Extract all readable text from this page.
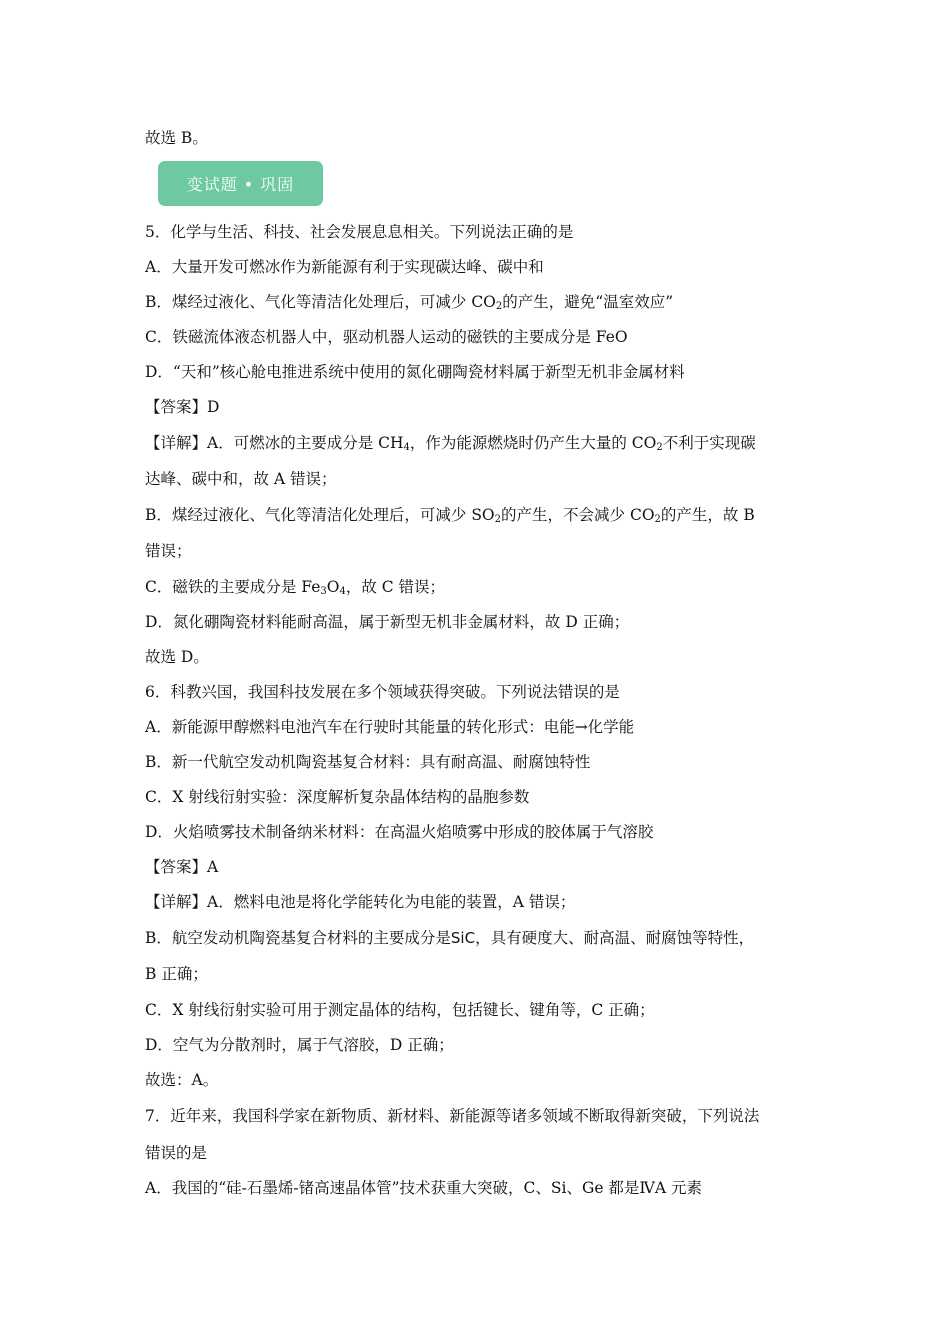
故选 B。
变试题 • 巩固
5．化学与生活、科技、社会发展息息相关。下列说法正确的是
A．大量开发可燃冰作为新能源有利于实现碳达峰、碳中和
B．煤经过液化、气化等清洁化处理后，可减少 $CO_2$的产生，避免“温室效应”
C．铁磁流体液态机器人中，驱动机器人运动的磁铁的主要成分是 FeO
D．“天和”核心舱电推进系统中使用的氮化硼陶瓷材料属于新型无机非金属材料
【答案】D
【详解】A．可燃冰的主要成分是 $CH_4$，作为能源燃烧时仍产生大量的 $CO_2$不利于实现碳
达峰、碳中和，故 A 错误；
B．煤经过液化、气化等清洁化处理后，可减少 $SO_2$的产生，不会减少 $CO_2$的产生，故 B
错误；
C．磁铁的主要成分是 $Fe_3O_4$，故 C 错误；
D．氮化硼陶瓷材料能耐高温，属于新型无机非金属材料，故 D 正确；
故选 D。
6．科教兴国，我国科技发展在多个领域获得突破。下列说法错误的是
A．新能源甲醇燃料电池汽车在行驶时其能量的转化形式：电能→化学能
B．新一代航空发动机陶瓷基复合材料：具有耐高温、耐腐蚀特性
C．X 射线衍射实验：深度解析复杂晶体结构的晶胞参数
D．火焰喷雾技术制备纳米材料：在高温火焰喷雾中形成的胶体属于气溶胶
【答案】A
【详解】A．燃料电池是将化学能转化为电能的装置，A 错误；
B．航空发动机陶瓷基复合材料的主要成分是SiC，具有硬度大、耐高温、耐腐蚀等特性，
B 正确；
C．X 射线衍射实验可用于测定晶体的结构，包括键长、键角等，C 正确；
D．空气为分散剂时，属于气溶胶，D 正确；
故选：A。
7．近年来，我国科学家在新物质、新材料、新能源等诸多领域不断取得新突破，下列说法
错误的是
A．我国的“硅-石墨烯-锗高速晶体管”技术获重大突破，C、Si、Ge 都是ⅣA 元素
